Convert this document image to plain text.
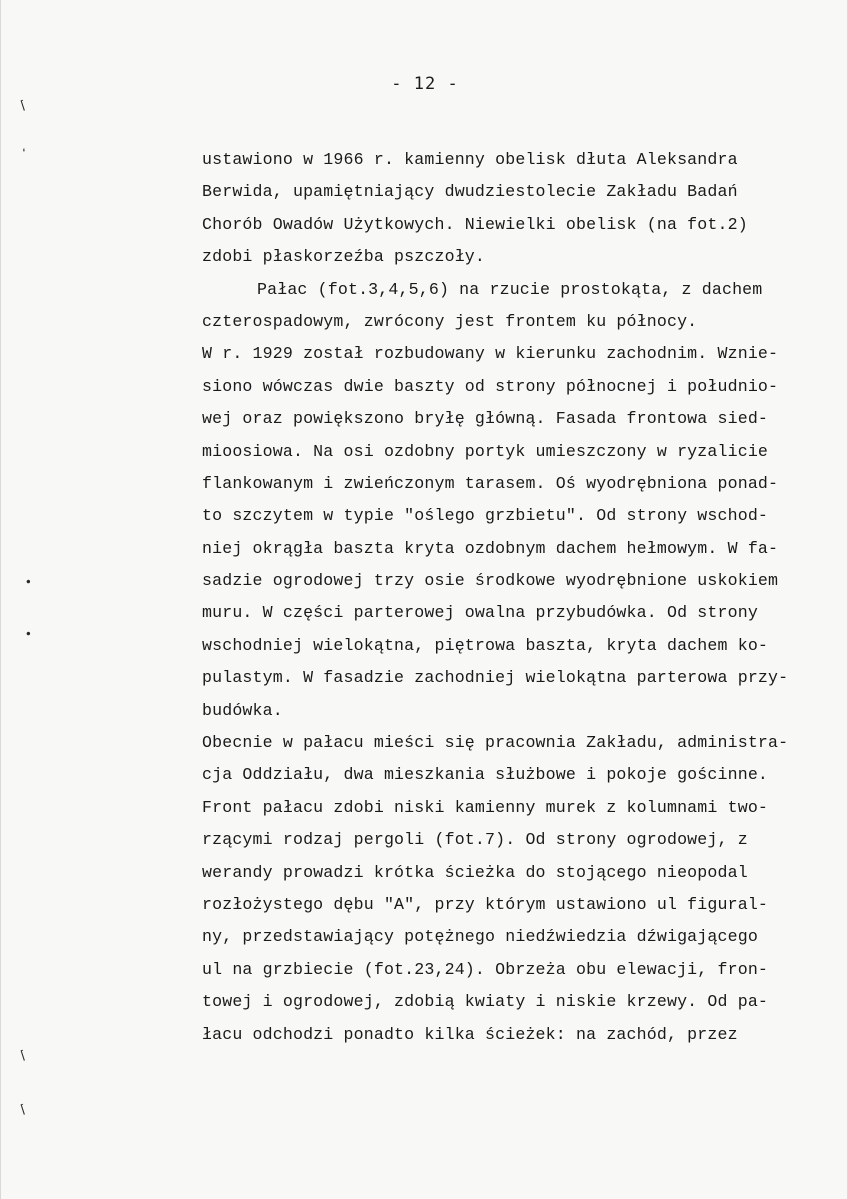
- 12 -
⌈
‘
•
•
⌈
⌈
ustawiono w 1966 r. kamienny obelisk dłuta Aleksandra
Berwida, upamiętniający dwudziestolecie Zakładu Badań
Chorób Owadów Użytkowych. Niewielki obelisk (na fot.2)
zdobi płaskorzeźba pszczoły.
Pałac (fot.3,4,5,6) na rzucie prostokąta, z dachem
czterospadowym, zwrócony jest frontem ku północy.
W r. 1929 został rozbudowany w kierunku zachodnim. Wznie-
siono wówczas dwie baszty od strony północnej i południo-
wej oraz powiększono bryłę główną. Fasada frontowa sied-
mioosiowa. Na osi ozdobny portyk umieszczony w ryzalicie
flankowanym i zwieńczonym tarasem. Oś wyodrębniona ponad-
to szczytem w typie "oślego grzbietu". Od strony wschod-
niej okrągła baszta kryta ozdobnym dachem hełmowym. W fa-
sadzie ogrodowej trzy osie środkowe wyodrębnione uskokiem
muru. W części parterowej owalna przybudówka. Od strony
wschodniej wielokątna, piętrowa baszta, kryta dachem ko-
pulastym. W fasadzie zachodniej wielokątna parterowa przy-
budówka.
Obecnie w pałacu mieści się pracownia Zakładu, administra-
cja Oddziału, dwa mieszkania służbowe i pokoje gościnne.
Front pałacu zdobi niski kamienny murek z kolumnami two-
rzącymi rodzaj pergoli (fot.7). Od strony ogrodowej, z
werandy prowadzi krótka ścieżka do stojącego nieopodal
rozłożystego dębu "A", przy którym ustawiono ul figural-
ny, przedstawiający potężnego niedźwiedzia dźwigającego
ul na grzbiecie (fot.23,24). Obrzeża obu elewacji, fron-
towej i ogrodowej, zdobią kwiaty i niskie krzewy. Od pa-
łacu odchodzi ponadto kilka ścieżek: na zachód, przez
